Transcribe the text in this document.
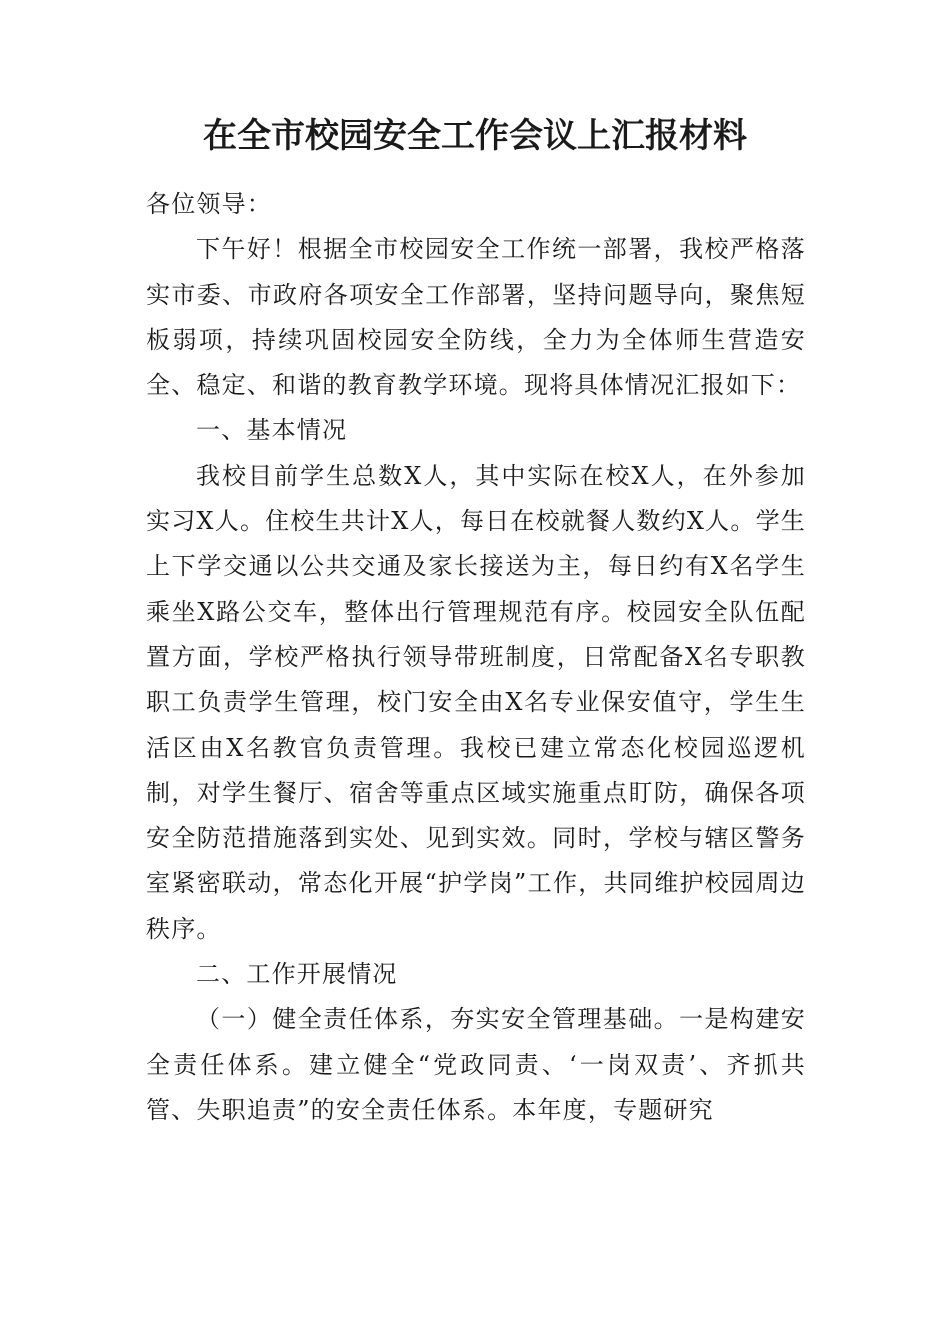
在全市校园安全工作会议上汇报材料

各位领导：

下午好！根据全市校园安全工作统一部署，我校严格落实市委、市政府各项安全工作部署，坚持问题导向，聚焦短板弱项，持续巩固校园安全防线，全力为全体师生营造安全、稳定、和谐的教育教学环境。现将具体情况汇报如下：

一、基本情况

我校目前学生总数X人，其中实际在校X人，在外参加实习X人。住校生共计X人，每日在校就餐人数约X人。学生上下学交通以公共交通及家长接送为主，每日约有X名学生乘坐X路公交车，整体出行管理规范有序。校园安全队伍配置方面，学校严格执行领导带班制度，日常配备X名专职教职工负责学生管理，校门安全由X名专业保安值守，学生生活区由X名教官负责管理。我校已建立常态化校园巡逻机制，对学生餐厅、宿舍等重点区域实施重点盯防，确保各项安全防范措施落到实处、见到实效。同时，学校与辖区警务室紧密联动，常态化开展“护学岗”工作，共同维护校园周边秩序。

二、工作开展情况

（一）健全责任体系，夯实安全管理基础。一是构建安全责任体系。建立健全“党政同责、‘一岗双责’、齐抓共管、失职追责”的安全责任体系。本年度，专题研究
